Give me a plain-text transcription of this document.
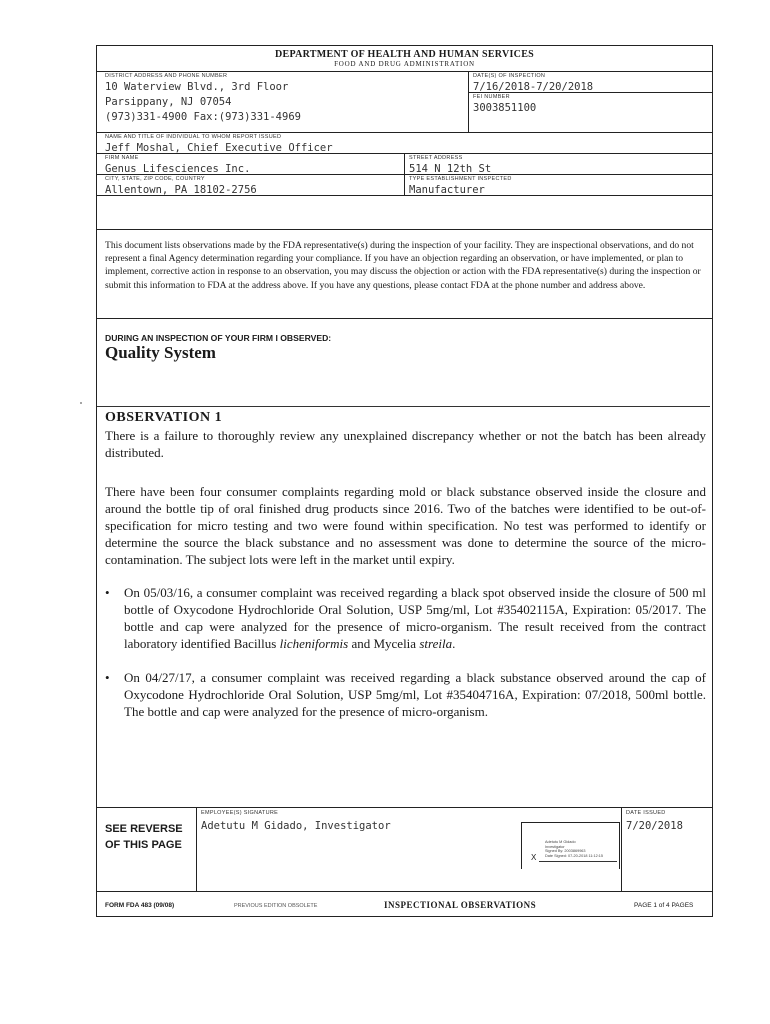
DEPARTMENT OF HEALTH AND HUMAN SERVICES
FOOD AND DRUG ADMINISTRATION
DISTRICT ADDRESS AND PHONE NUMBER
10 Waterview Blvd., 3rd Floor
Parsippany, NJ 07054
(973)331-4900 Fax:(973)331-4969
DATE(S) OF INSPECTION
7/16/2018-7/20/2018
FEI NUMBER
3003851100
NAME AND TITLE OF INDIVIDUAL TO WHOM REPORT ISSUED
Jeff Moshal, Chief Executive Officer
FIRM NAME
Genus Lifesciences Inc.
STREET ADDRESS
514 N 12th St
CITY, STATE, ZIP CODE, COUNTRY
Allentown, PA 18102-2756
TYPE ESTABLISHMENT INSPECTED
Manufacturer
This document lists observations made by the FDA representative(s) during the inspection of your facility. They are inspectional observations, and do not represent a final Agency determination regarding your compliance. If you have an objection regarding an observation, or have implemented, or plan to implement, corrective action in response to an observation, you may discuss the objection or action with the FDA representative(s) during the inspection or submit this information to FDA at the address above. If you have any questions, please contact FDA at the phone number and address above.
DURING AN INSPECTION OF YOUR FIRM I OBSERVED:
Quality System
OBSERVATION 1
There is a failure to thoroughly review any unexplained discrepancy whether or not the batch has been already distributed.
There have been four consumer complaints regarding mold or black substance observed inside the closure and around the bottle tip of oral finished drug products since 2016. Two of the batches were identified to be out-of-specification for micro testing and two were found within specification. No test was performed to identify or determine the source the black substance and no assessment was done to determine the source of the micro-contamination. The subject lots were left in the market until expiry.
• On 05/03/16, a consumer complaint was received regarding a black spot observed inside the closure of 500 ml bottle of Oxycodone Hydrochloride Oral Solution, USP 5mg/ml, Lot #35402115A, Expiration: 05/2017. The bottle and cap were analyzed for the presence of micro-organism. The result received from the contract laboratory identified Bacillus licheniformis and Mycelia streila.
• On 04/27/17, a consumer complaint was received regarding a black substance observed around the cap of Oxycodone Hydrochloride Oral Solution, USP 5mg/ml, Lot #35404716A, Expiration: 07/2018, 500ml bottle. The bottle and cap were analyzed for the presence of micro-organism.
SEE REVERSE
OF THIS PAGE
EMPLOYEE(S) SIGNATURE
Adetutu M Gidado, Investigator
Adetutu M Gidado
Investigator
Signed By: 2003869963
Date Signed: 07-20-2018 11:12:15
X
DATE ISSUED
7/20/2018
FORM FDA 483 (09/08)	PREVIOUS EDITION OBSOLETE	INSPECTIONAL OBSERVATIONS	PAGE 1 of 4 PAGES
